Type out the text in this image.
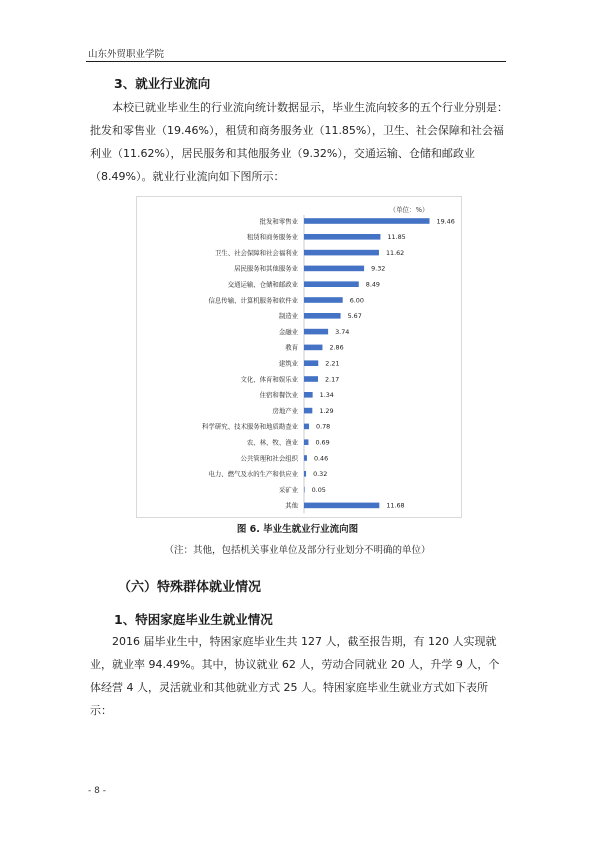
山东外贸职业学院
3、就业行业流向

本校已就业毕业生的行业流向统计数据显示，毕业生流向较多的五个行业分别是：批发和零售业（19.46%），租赁和商务服务业（11.85%），卫生、社会保障和社会福利业（11.62%），居民服务和其他服务业（9.32%），交通运输、仓储和邮政业（8.49%）。就业行业流向如下图所示：

（单位：%）
批发和零售业	19.46
租赁和商务服务业	11.85
卫生、社会保障和社会福利业	11.62
居民服务和其他服务业	9.32
交通运输、仓储和邮政业	8.49
信息传输、计算机服务和软件业	6.00
制造业	5.67
金融业	3.74
教育	2.86
建筑业	2.21
文化、体育和娱乐业	2.17
住宿和餐饮业	1.34
房地产业	1.29
科学研究、技术服务和地质勘查业	0.78
农、林、牧、渔业	0.69
公共管理和社会组织 0.46
电力、燃气及水的生产和供应业 0.32
采矿业 0.05
其他	11.68
图 6. 毕业生就业行业流向图
（注：其他，包括机关事业单位及部分行业划分不明确的单位）
（六）特殊群体就业情况
1、特困家庭毕业生就业情况

2016 届毕业生中，特困家庭毕业生共 127 人，截至报告期，有 120 人实现就业，就业率 94.49%。其中，协议就业 62 人，劳动合同就业 20 人，升学 9 人，个体经营 4 人，灵活就业和其他就业方式 25 人。特困家庭毕业生就业方式如下表所示：

- 8 -
